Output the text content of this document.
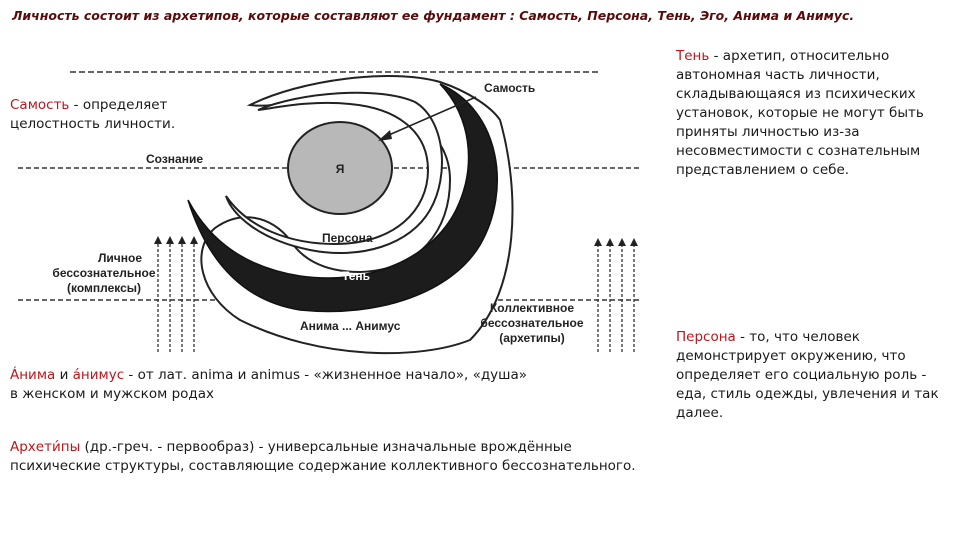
Личность состоит из архетипов, которые составляют ее фундамент : Самость, Персона, Тень, Эго, Анима и Анимус.
Самость
Сознание
Я
Персона
Тень
Анима ... Анимус
Личное
бессознательное
(комплексы)
Коллективное
бессознательное
(архетипы)
Самость - определяет целостность личности.
Тень - архетип, относительно автономная часть личности, складывающаяся из психических установок, которые не могут быть приняты личностью из-за несовместимости с сознательным представлением о себе.
Персона - то, что человек демонстрирует окружению, что определяет его социальную роль - еда, стиль одежды, увлечения и так далее.
Áнима и áнимус - от лат. anima и animus - «жизненное начало», «душа» в женском и мужском родах
Архети́пы (др.-греч. - первообраз) - универсальные изначальные врождённые психические структуры, составляющие содержание коллективного бессознательного.
